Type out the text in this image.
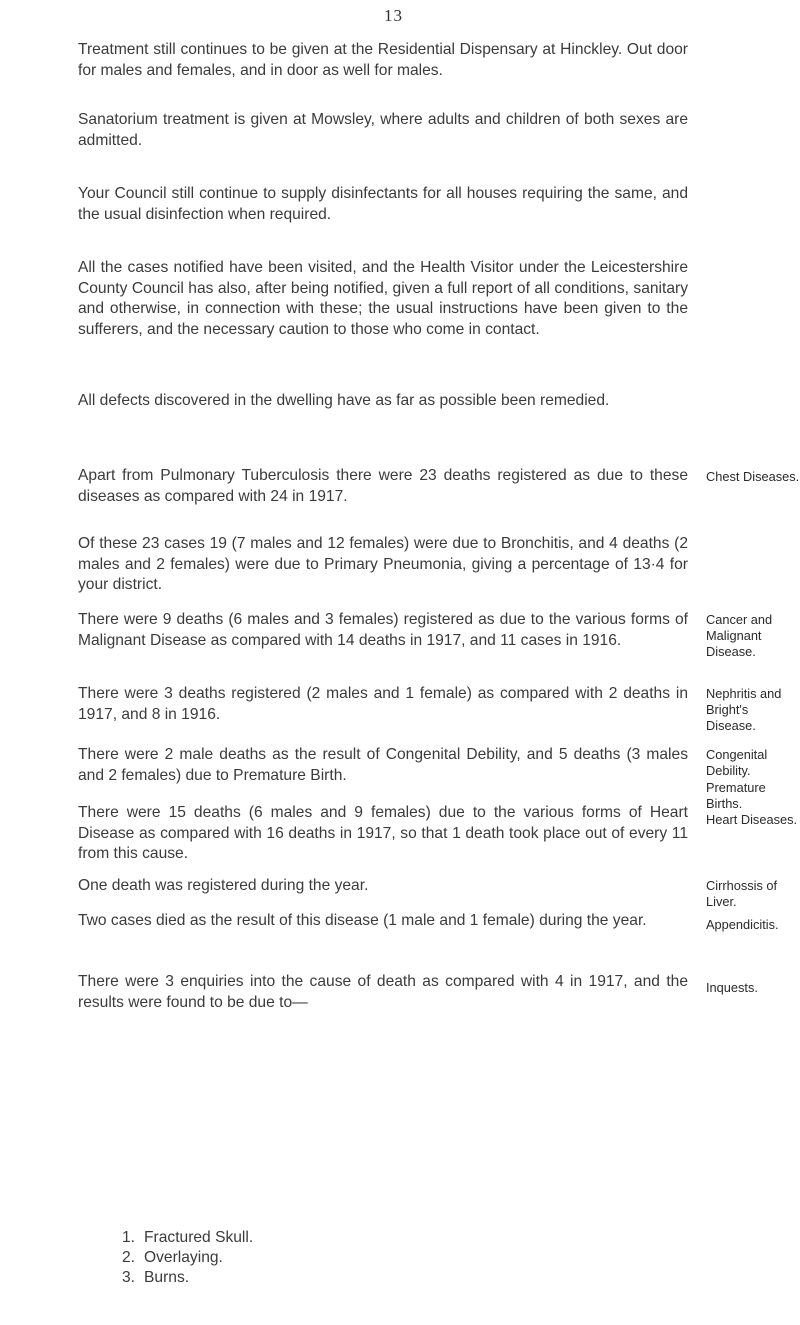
13

Treatment still continues to be given at the Residential Dispensary at Hinckley. Out door for males and females, and in door as well for males.

Sanatorium treatment is given at Mowsley, where adults and children of both sexes are admitted.

Your Council still continue to supply disinfectants for all houses requiring the same, and the usual disinfection when required.

All the cases notified have been visited, and the Health Visitor under the Leicestershire County Council has also, after being notified, given a full report of all conditions, sanitary and otherwise, in connection with these; the usual instructions have been given to the sufferers, and the necessary caution to those who come in contact.

All defects discovered in the dwelling have as far as possible been remedied.

Apart from Pulmonary Tuberculosis there were 23 deaths registered as due to these diseases as compared with 24 in 1917.

Of these 23 cases 19 (7 males and 12 females) were due to Bronchitis, and 4 deaths (2 males and 2 females) were due to Primary Pneumonia, giving a percentage of 13·4 for your district.

There were 9 deaths (6 males and 3 females) registered as due to the various forms of Malignant Disease as compared with 14 deaths in 1917, and 11 cases in 1916.

There were 3 deaths registered (2 males and 1 female) as compared with 2 deaths in 1917, and 8 in 1916.

There were 2 male deaths as the result of Congenital Debility, and 5 deaths (3 males and 2 females) due to Premature Birth.

There were 15 deaths (6 males and 9 females) due to the various forms of Heart Disease as compared with 16 deaths in 1917, so that 1 death took place out of every 11 from this cause.

One death was registered during the year.

Two cases died as the result of this disease (1 male and 1 female) during the year.

There were 3 enquiries into the cause of death as compared with 4 in 1917, and the results were found to be due to—

1. Fractured Skull.
2. Overlaying.
3. Burns.

Chest Diseases.

Cancer and Malignant Disease.

Nephritis and Bright's Disease.

Congenital Debility.

Premature Births.

Heart Diseases.

Cirrhossis of Liver.

Appendicitis.

Inquests.
